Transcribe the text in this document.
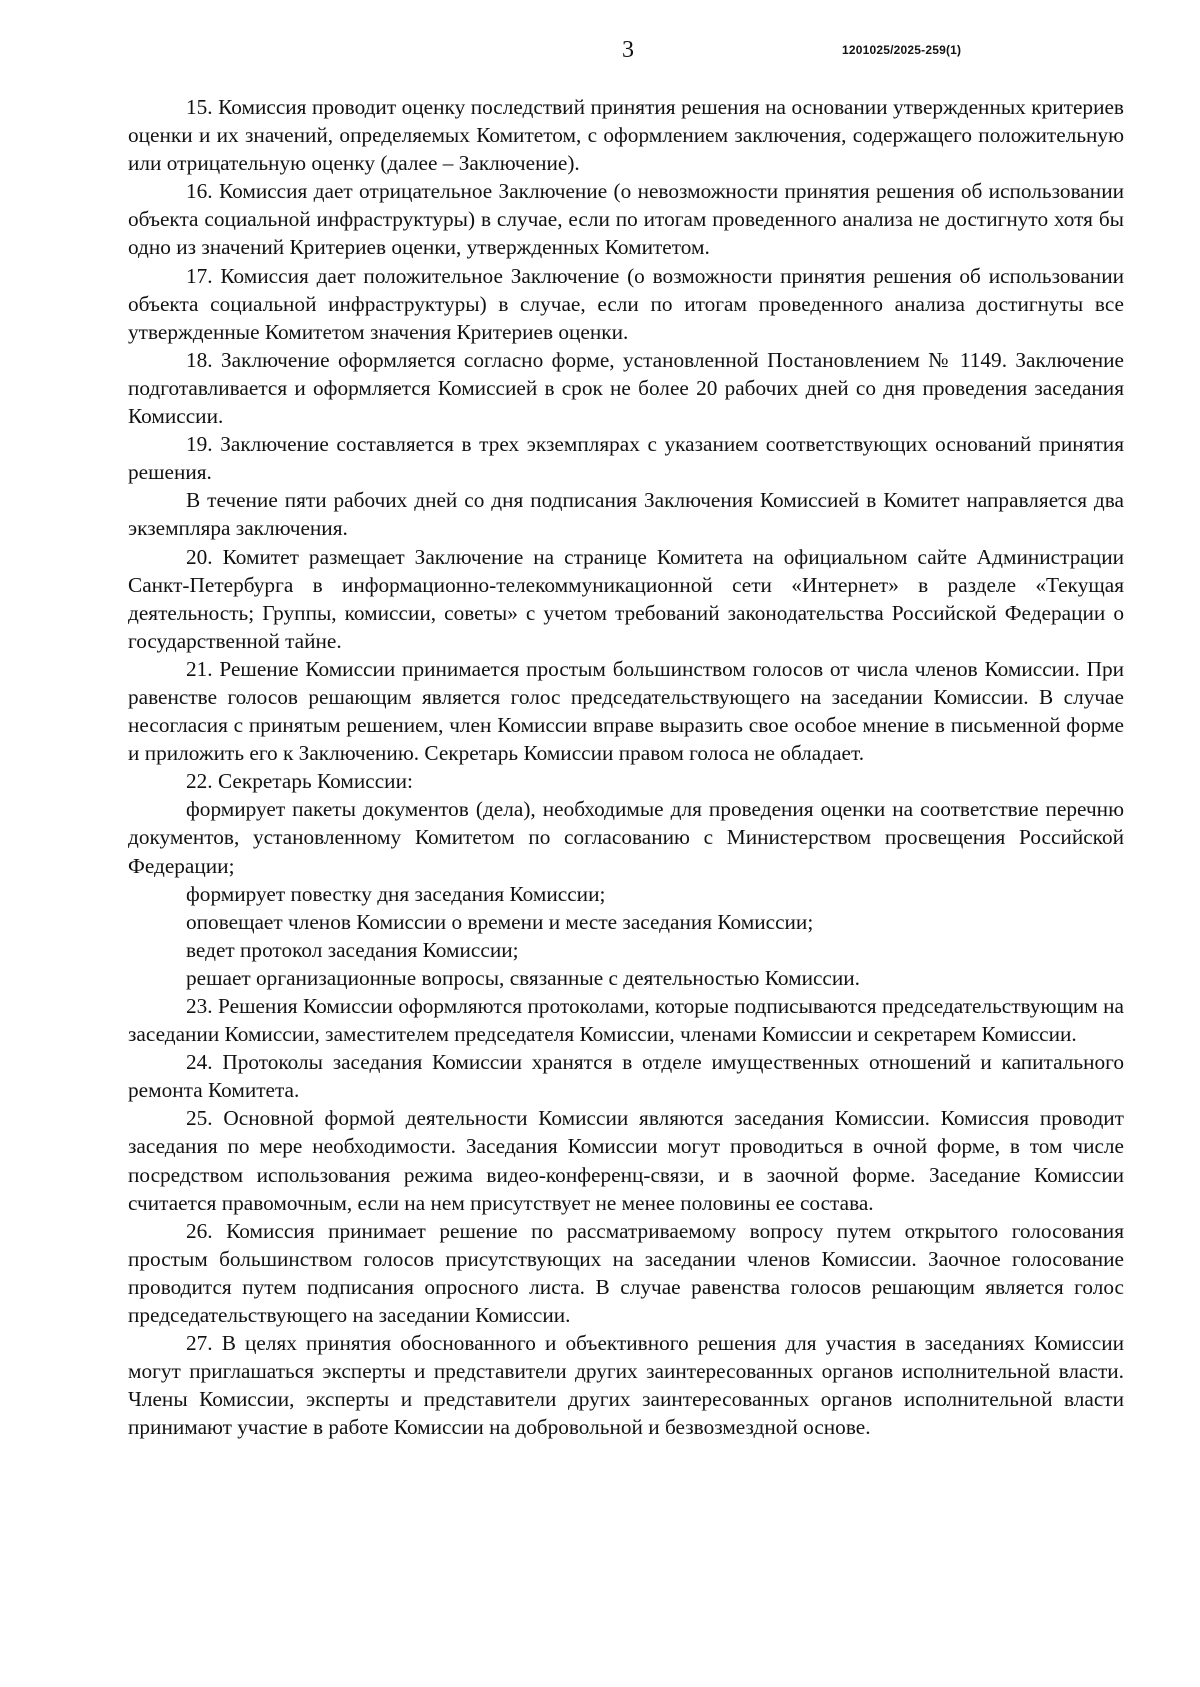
3	1201025/2025-259(1)

15. Комиссия проводит оценку последствий принятия решения на основании утвержденных критериев оценки и их значений, определяемых Комитетом, с оформлением заключения, содержащего положительную или отрицательную оценку (далее – Заключение).

16. Комиссия дает отрицательное Заключение (о невозможности принятия решения об использовании объекта социальной инфраструктуры) в случае, если по итогам проведенного анализа не достигнуто хотя бы одно из значений Критериев оценки, утвержденных Комитетом.

17. Комиссия дает положительное Заключение (о возможности принятия решения об использовании объекта социальной инфраструктуры) в случае, если по итогам проведенного анализа достигнуты все утвержденные Комитетом значения Критериев оценки.

18. Заключение оформляется согласно форме, установленной Постановлением № 1149. Заключение подготавливается и оформляется Комиссией в срок не более 20 рабочих дней со дня проведения заседания Комиссии.

19. Заключение составляется в трех экземплярах с указанием соответствующих оснований принятия решения.

В течение пяти рабочих дней со дня подписания Заключения Комиссией в Комитет направляется два экземпляра заключения.

20. Комитет размещает Заключение на странице Комитета на официальном сайте Администрации Санкт-Петербурга в информационно-телекоммуникационной сети «Интернет» в разделе «Текущая деятельность; Группы, комиссии, советы» с учетом требований законодательства Российской Федерации о государственной тайне.

21. Решение Комиссии принимается простым большинством голосов от числа членов Комиссии. При равенстве голосов решающим является голос председательствующего на заседании Комиссии. В случае несогласия с принятым решением, член Комиссии вправе выразить свое особое мнение в письменной форме и приложить его к Заключению. Секретарь Комиссии правом голоса не обладает.

22. Секретарь Комиссии:

формирует пакеты документов (дела), необходимые для проведения оценки на соответствие перечню документов, установленному Комитетом по согласованию с Министерством просвещения Российской Федерации;

формирует повестку дня заседания Комиссии;

оповещает членов Комиссии о времени и месте заседания Комиссии;

ведет протокол заседания Комиссии;

решает организационные вопросы, связанные с деятельностью Комиссии.

23. Решения Комиссии оформляются протоколами, которые подписываются председательствующим на заседании Комиссии, заместителем председателя Комиссии, членами Комиссии и секретарем Комиссии.

24. Протоколы заседания Комиссии хранятся в отделе имущественных отношений и капитального ремонта Комитета.

25. Основной формой деятельности Комиссии являются заседания Комиссии. Комиссия проводит заседания по мере необходимости. Заседания Комиссии могут проводиться в очной форме, в том числе посредством использования режима видео-конференц-связи, и в заочной форме. Заседание Комиссии считается правомочным, если на нем присутствует не менее половины ее состава.

26. Комиссия принимает решение по рассматриваемому вопросу путем открытого голосования простым большинством голосов присутствующих на заседании членов Комиссии. Заочное голосование проводится путем подписания опросного листа. В случае равенства голосов решающим является голос председательствующего на заседании Комиссии.

27. В целях принятия обоснованного и объективного решения для участия в заседаниях Комиссии могут приглашаться эксперты и представители других заинтересованных органов исполнительной власти. Члены Комиссии, эксперты и представители других заинтересованных органов исполнительной власти принимают участие в работе Комиссии на добровольной и безвозмездной основе.
